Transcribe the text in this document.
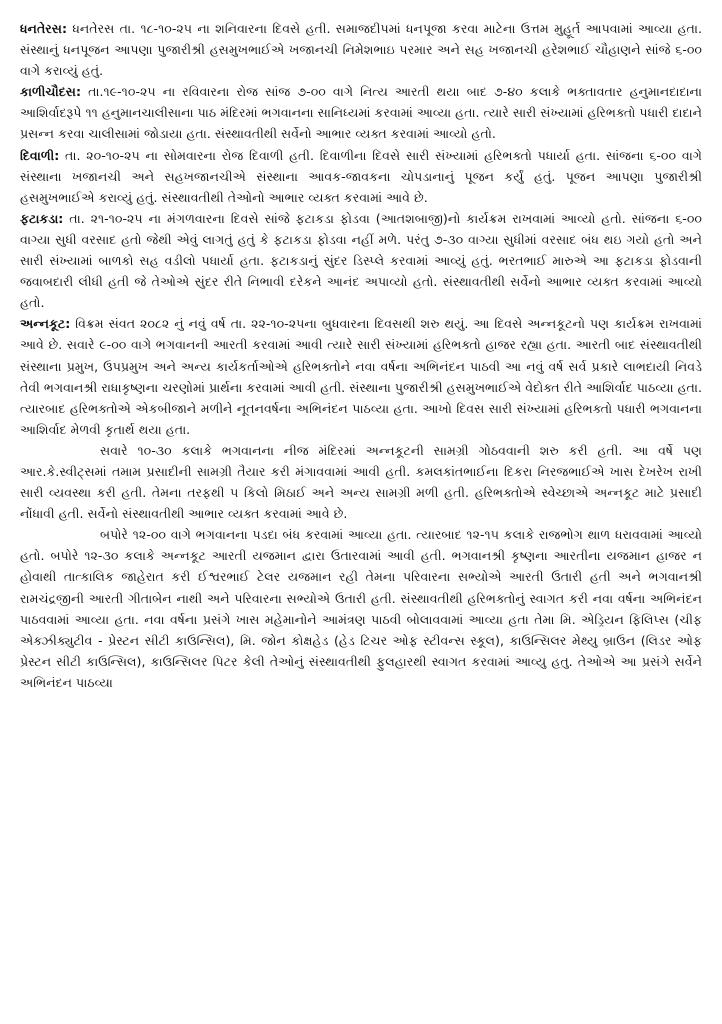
ધનતેરસ: ધનતેરસ તા. ૧૮-૧૦-૨૫ ના શનિવારના દિવસે હતી. સમાજદીપમાં ધનપૂજા કરવા માટેના ઉત્તમ મુહૂર્ત આપવામાં આવ્યા હતા. સંસ્થાનું ધનપૂજન આપણા પુજારીશ્રી હસમુખભાઈએ ખજાનચી નિમેશભાઇ પરમાર અને સહ ખજાનચી હરેશભાઈ ચૌહાણને સાંજે ૬-૦૦ વાગે કરાવ્યું હતું.

કાળીચૌદસ: તા.૧૯-૧૦-૨૫ ના રવિવારના રોજ સાંજ ૭-૦૦ વાગે નિત્ય આરતી થયા બાદ ૭-૪૦ કલાકે ભક્તાવતાર હનુમાનદાદાના આશિર્વાદરૂપે ૧૧ હનુમાનચાલીસાના પાઠ મંદિરમાં ભગવાનના સાનિધ્યમાં કરવામાં આવ્યા હતા. ત્યારે સારી સંખ્યામાં હરિભક્તો પધારી દાદાને પ્રસન્ન કરવા ચાલીસામાં જોડાયા હતા. સંસ્થાવતીથી સર્વેનો આભાર વ્યક્ત કરવામાં આવ્યો હતો.

દિવાળી: તા. ૨૦-૧૦-૨૫ ના સોમવારના રોજ દિવાળી હતી. દિવાળીના દિવસે સારી સંખ્યામાં હરિભક્તો પધાર્યા હતા. સાંજના ૬-૦૦ વાગે સંસ્થાના ખજાનચી અને સહખજાનચીએ સંસ્થાના આવક-જાવકના ચોપડાનાનું પૂજન કર્યું હતું. પૂજન આપણા પુજારીશ્રી હસમુખભાઈએ કરાવ્યું હતું. સંસ્થાવતીથી તેઓનો આભાર વ્યક્ત કરવામાં આવે છે.

ફટાકડા: તા. ૨૧-૧૦-૨૫ ના મંગળવારના દિવસે સાંજે ફટાકડા ફોડવા (આતશબાજી)નો કાર્યક્રમ રાખવામાં આવ્યો હતો. સાંજના ૬-૦૦ વાગ્યા સુધી વરસાદ હતો જેથી એવું લાગતું હતું કે ફટાકડા ફોડવા નહીં મળે. પરંતુ ૭-૩૦ વાગ્યા સુધીમાં વરસાદ બંધ થઇ ગયો હતો અને સારી સંખ્યામાં બાળકો સહ વડીલો પધાર્યા હતા. ફટાકડાનું સુંદર ડિસ્પ્લે કરવામાં આવ્યું હતું. ભરતભાઈ મારુએ આ ફટાકડા ફોડવાની જવાબદારી લીધી હતી જે તેઓએ સુંદર રીતે નિભાવી દરેકને આનંદ અપાવ્યો હતો. સંસ્થાવતીથી સર્વેનો આભાર વ્યક્ત કરવામાં આવ્યો હતો.

અન્નકૂટ: વિક્રમ સંવત ૨૦૮૨ નું નવું વર્ષ તા. ૨૨-૧૦-૨૫ના બુધવારના દિવસથી શરુ થયું. આ દિવસે અન્નકૂટનો પણ કાર્યક્રમ રાખવામાં આવે છે. સવારે ૯-૦૦ વાગે ભગવાનની આરતી કરવામાં આવી ત્યારે સારી સંખ્યામાં હરિભક્તો હાજર રહ્યા હતા. આરતી બાદ સંસ્થાવતીથી સંસ્થાના પ્રમુખ, ઉપપ્રમુખ અને અન્ય કાર્યકર્તાઓએ હરિભક્તોને નવા વર્ષના અભિનંદન પાઠવી આ નવું વર્ષ સર્વ પ્રકારે લાભદાયી નિવડે તેવી ભગવાનશ્રી રાધાકૃષ્ણના ચરણોમાં પ્રાર્થના કરવામાં આવી હતી. સંસ્થાના પુજારીશ્રી હસમુખભાઈએ વેદોક્ત રીતે આશિર્વાદ પાઠવ્યા હતા. ત્યારબાદ હરિભક્તોએ એકબીજાને મળીને નૂતનવર્ષના અભિનંદન પાઠવ્યા હતા. આખો દિવસ સારી સંખ્યામાં હરિભક્તો પધારી ભગવાનના આશિર્વાદ મેળવી કૃતાર્થ થયા હતા.

સવારે ૧૦-૩૦ કલાકે ભગવાનના નીજ મંદિરમાં અન્નકૂટની સામગ્રી ગોઠવવાની શરુ કરી હતી. આ વર્ષે પણ આર.કે.સ્વીટ્સમાં તમામ પ્રસાદીની સામગ્રી તૈયાર કરી મંગાવવામાં આવી હતી. કમલકાંતભાઈના દિકરા નિરજભાઈએ ખાસ દેખરેખ રાખી સારી વ્યવસ્થા કરી હતી. તેમના તરફથી ૫ કિલો મિઠાઈ અને અન્ય સામગ્રી મળી હતી. હરિભક્તોએ સ્વેચ્છાએ અન્નકૂટ માટે પ્રસાદી નોંધાવી હતી. સર્વેનો સંસ્થાવતીથી આભાર વ્યક્ત કરવામાં આવે છે.

બપોરે ૧૨-૦૦ વાગે ભગવાનના પડદા બંધ કરવામાં આવ્યા હતા. ત્યારબાદ ૧૨-૧૫ કલાકે રાજભોગ થાળ ધરાવવામાં આવ્યો હતો. બપોરે ૧૨-૩૦ કલાકે અન્નકૂટ આરતી યજમાન દ્વારા ઉતારવામાં આવી હતી. ભગવાનશ્રી કૃષ્ણના આરતીના યજમાન હાજર ન હોવાથી તાત્કાલિક જાહેરાત કરી ઈશ્વરભાઈ ટેલર યજમાન રહી તેમના પરિવારના સભ્યોએ આરતી ઉતારી હતી અને ભગવાનશ્રી રામચંદ્રજીની આરતી ગીતાબેન નાથી અને પરિવારના સભ્યોએ ઉતારી હતી. સંસ્થાવતીથી હરિભક્તોનું સ્વાગત કરી નવા વર્ષના અભિનંદન પાઠવવામાં આવ્યા હતા. નવા વર્ષના પ્રસંગે ખાસ મહેમાનોને આમંત્રણ પાઠવી બોલાવવામાં આવ્યા હતા તેમા મિ. એડ્રિયન ફિલિપ્સ (ચીફ એક્ઝીક્યુટીવ - પ્રેસ્ટન સીટી કાઉન્સિલ), મિ. જોન કોક્ષહેડ (હેડ ટિચર ઓફ સ્ટીવન્સ સ્કૂલ), કાઉન્સિલર મેથ્યુ બ્રાઉન (લિડર ઓફ પ્રેસ્ટન સીટી કાઉન્સિલ), કાઉન્સિલર પિટર કેલી તેઓનું સંસ્થાવતીથી ફુલહારથી સ્વાગત કરવામાં આવ્યુ હતુ. તેઓએ આ પ્રસંગે સર્વેને અભિનંદન પાઠવ્યા
